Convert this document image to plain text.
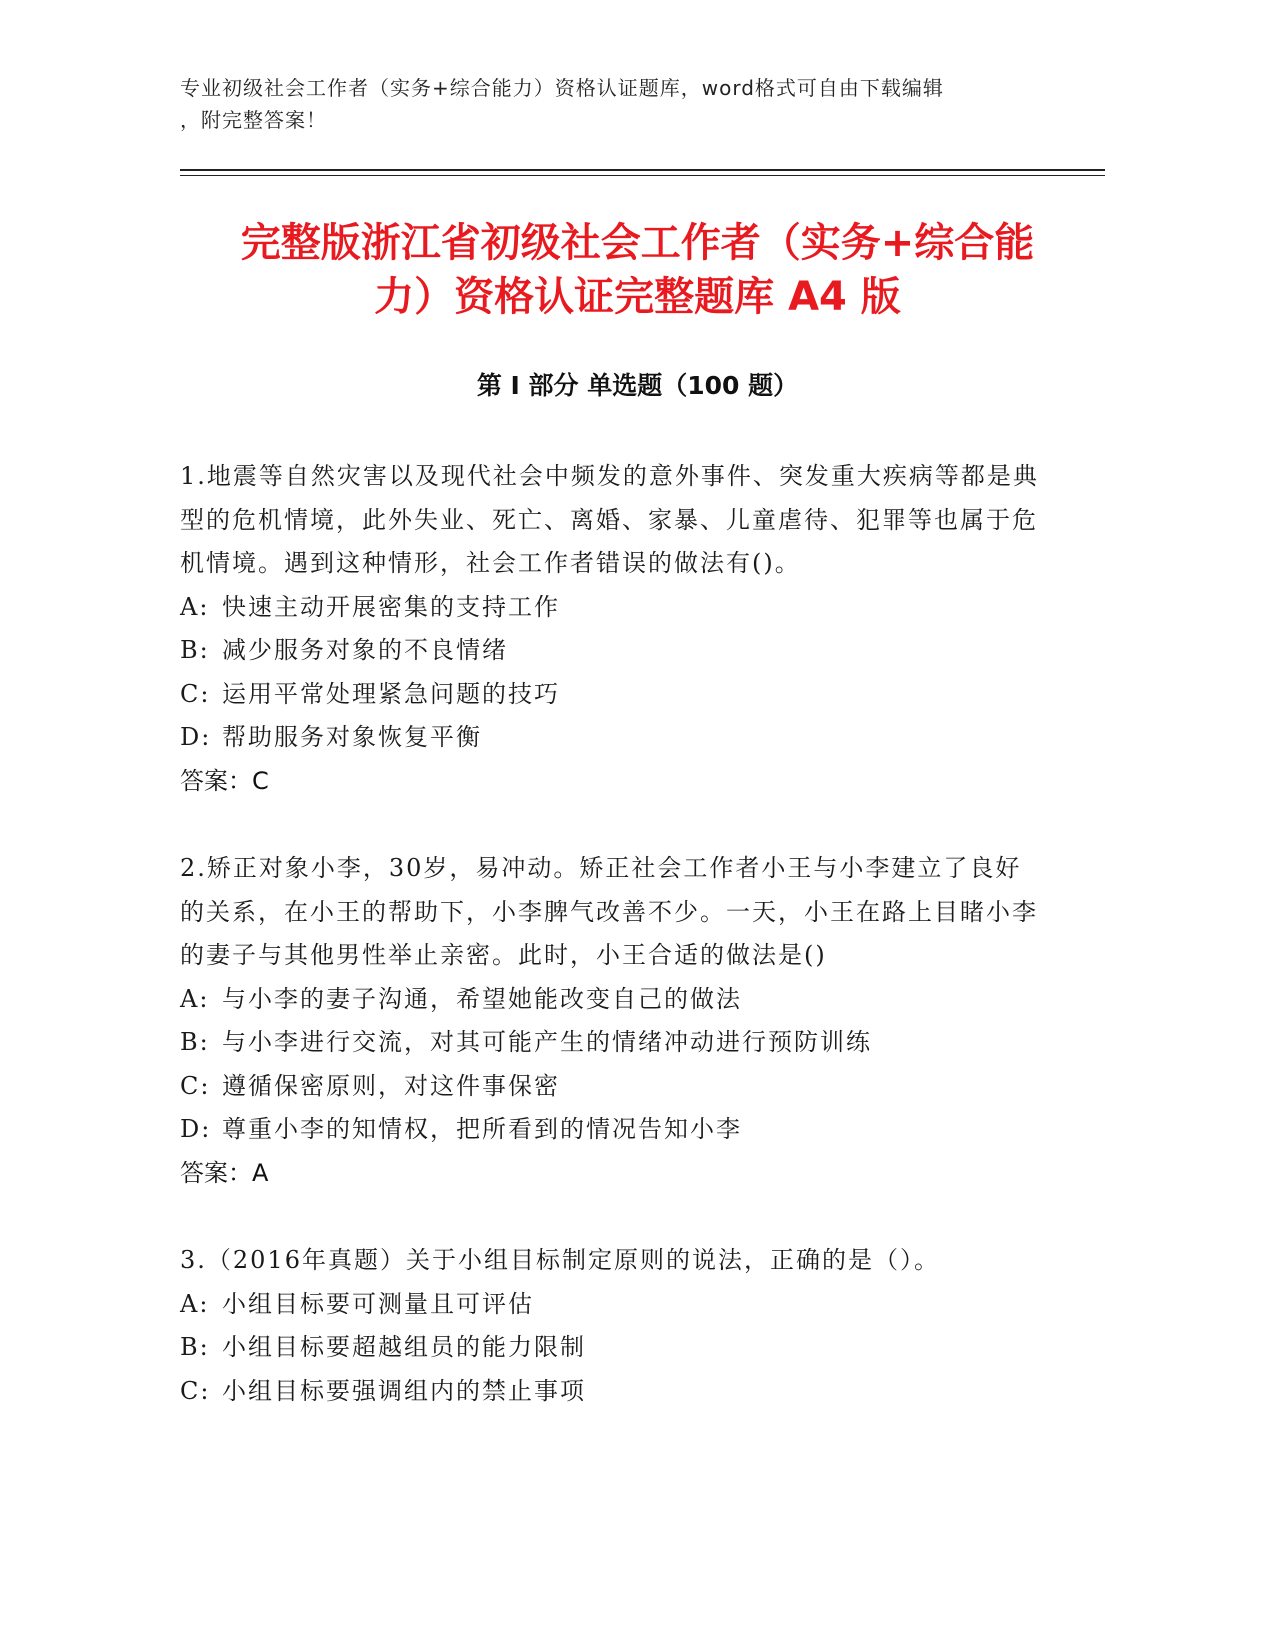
专业初级社会工作者（实务+综合能力）资格认证题库，word格式可自由下载编辑
，附完整答案！
完整版浙江省初级社会工作者（实务+综合能
力）资格认证完整题库 A4 版
第 I 部分 单选题（100 题）

1.地震等自然灾害以及现代社会中频发的意外事件、突发重大疾病等都是典型的危机情境，此外失业、死亡、离婚、家暴、儿童虐待、犯罪等也属于危机情境。遇到这种情形，社会工作者错误的做法有()。

A: 快速主动开展密集的支持工作
B: 减少服务对象的不良情绪
C: 运用平常处理紧急问题的技巧
D: 帮助服务对象恢复平衡

答案：C

2.矫正对象小李，30岁，易冲动。矫正社会工作者小王与小李建立了良好的关系，在小王的帮助下，小李脾气改善不少。一天，小王在路上目睹小李的妻子与其他男性举止亲密。此时，小王合适的做法是()

A: 与小李的妻子沟通，希望她能改变自己的做法
B: 与小李进行交流，对其可能产生的情绪冲动进行预防训练
C: 遵循保密原则，对这件事保密
D: 尊重小李的知情权，把所看到的情况告知小李

答案：A

3.（2016年真题）关于小组目标制定原则的说法，正确的是（）。

A: 小组目标要可测量且可评估
B: 小组目标要超越组员的能力限制
C: 小组目标要强调组内的禁止事项
